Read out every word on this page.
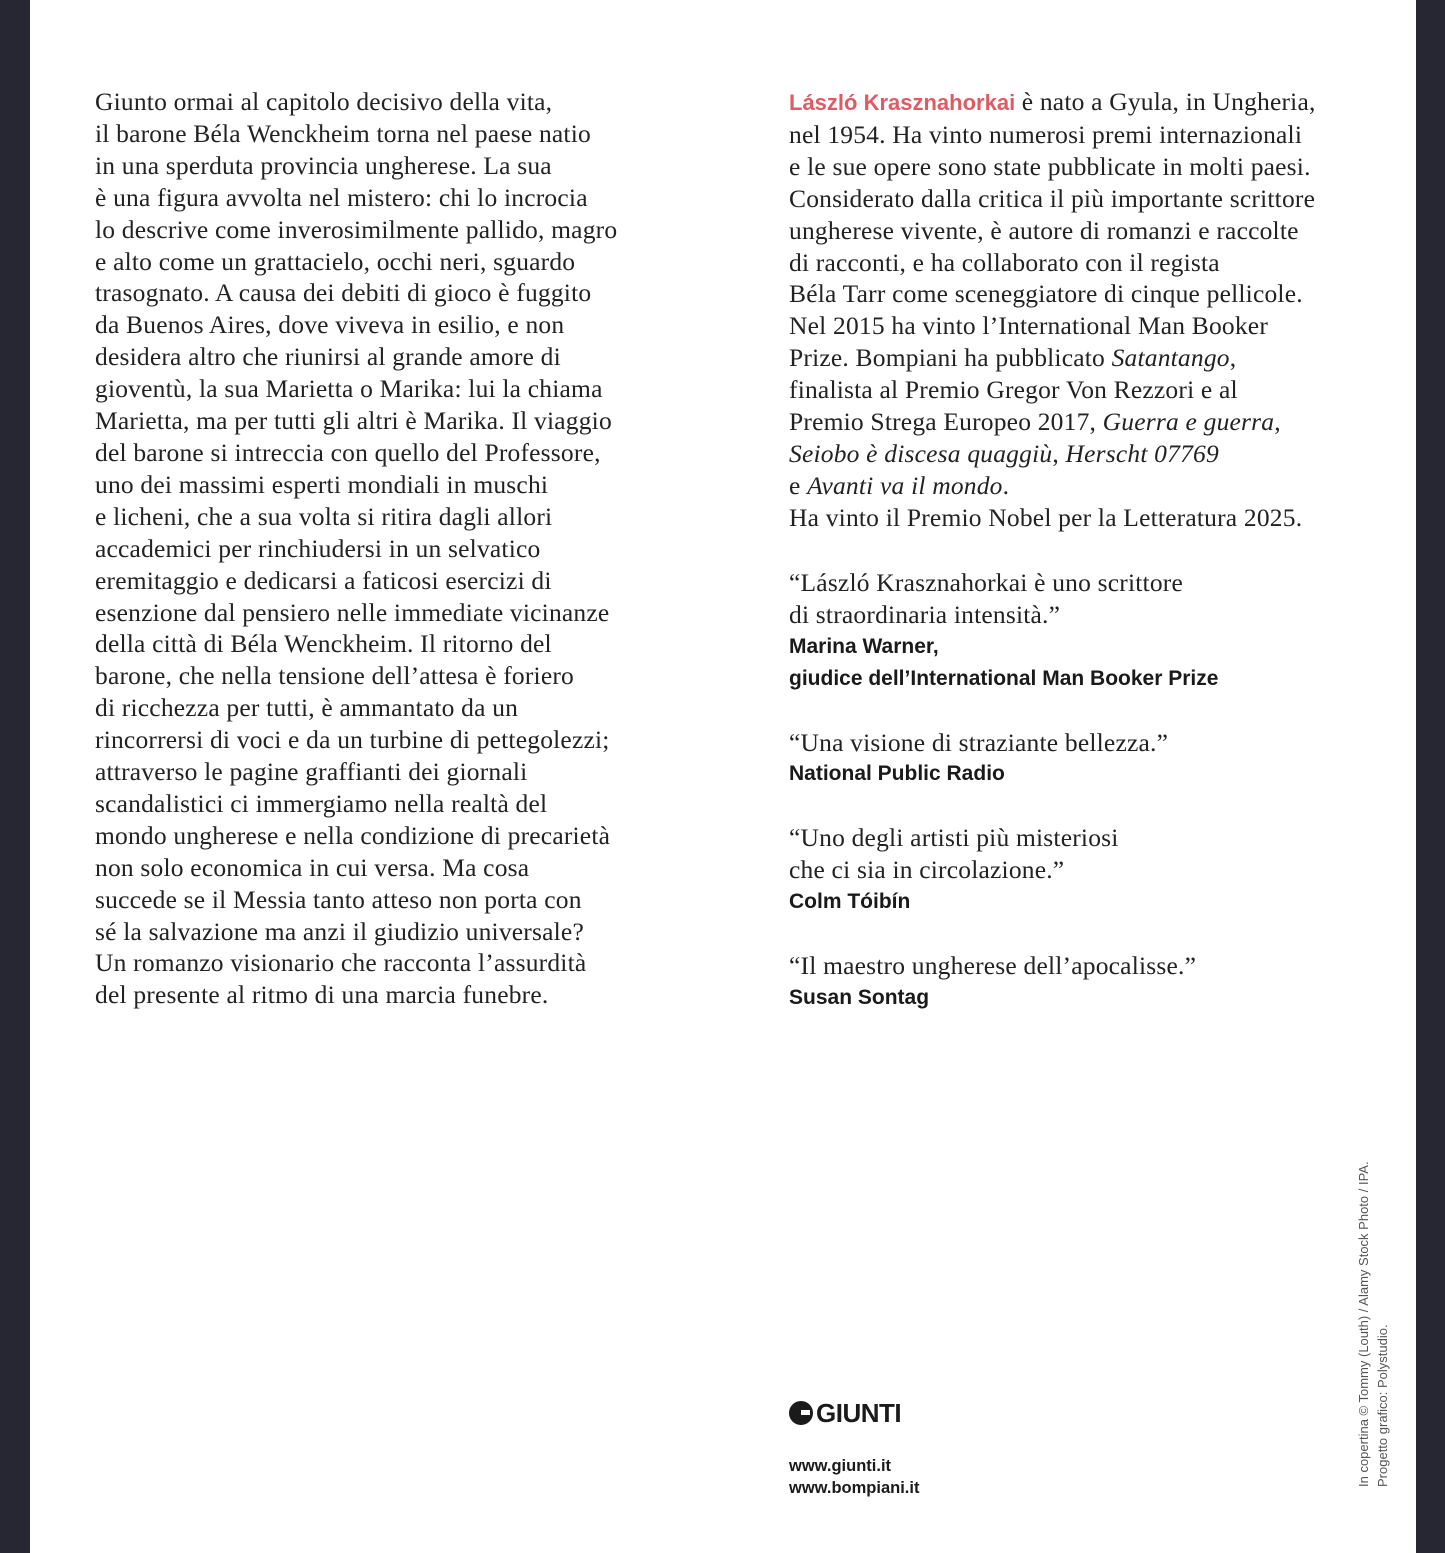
Giunto ormai al capitolo decisivo della vita,
il barone Béla Wenckheim torna nel paese natio
in una sperduta provincia ungherese. La sua
è una figura avvolta nel mistero: chi lo incrocia
lo descrive come inverosimilmente pallido, magro
e alto come un grattacielo, occhi neri, sguardo
trasognato. A causa dei debiti di gioco è fuggito
da Buenos Aires, dove viveva in esilio, e non
desidera altro che riunirsi al grande amore di
gioventù, la sua Marietta o Marika: lui la chiama
Marietta, ma per tutti gli altri è Marika. Il viaggio
del barone si intreccia con quello del Professore,
uno dei massimi esperti mondiali in muschi
e licheni, che a sua volta si ritira dagli allori
accademici per rinchiudersi in un selvatico
eremitaggio e dedicarsi a faticosi esercizi di
esenzione dal pensiero nelle immediate vicinanze
della città di Béla Wenckheim. Il ritorno del
barone, che nella tensione dell’attesa è foriero
di ricchezza per tutti, è ammantato da un
rincorrersi di voci e da un turbine di pettegolezzi;
attraverso le pagine graffianti dei giornali
scandalistici ci immergiamo nella realtà del
mondo ungherese e nella condizione di precarietà
non solo economica in cui versa. Ma cosa
succede se il Messia tanto atteso non porta con
sé la salvazione ma anzi il giudizio universale?
Un romanzo visionario che racconta l’assurdità
del presente al ritmo di una marcia funebre.
László Krasznahorkai è nato a Gyula, in Ungheria,
nel 1954. Ha vinto numerosi premi internazionali
e le sue opere sono state pubblicate in molti paesi.
Considerato dalla critica il più importante scrittore
ungherese vivente, è autore di romanzi e raccolte
di racconti, e ha collaborato con il regista
Béla Tarr come sceneggiatore di cinque pellicole.
Nel 2015 ha vinto l’International Man Booker
Prize. Bompiani ha pubblicato Satantango,
finalista al Premio Gregor Von Rezzori e al
Premio Strega Europeo 2017, Guerra e guerra,
Seiobo è discesa quaggiù, Herscht 07769
e Avanti va il mondo.
Ha vinto il Premio Nobel per la Letteratura 2025.
“László Krasznahorkai è uno scrittore
di straordinaria intensità.”
Marina Warner,
giudice dell’International Man Booker Prize
“Una visione di straziante bellezza.”
National Public Radio
“Uno degli artisti più misteriosi
che ci sia in circolazione.”
Colm Tóibín
“Il maestro ungherese dell’apocalisse.”
Susan Sontag
GIUNTI
www.giunti.it
www.bompiani.it
In copertina © Tommy (Louth) / Alamy Stock Photo / IPA. Progetto grafico: Polystudio.
